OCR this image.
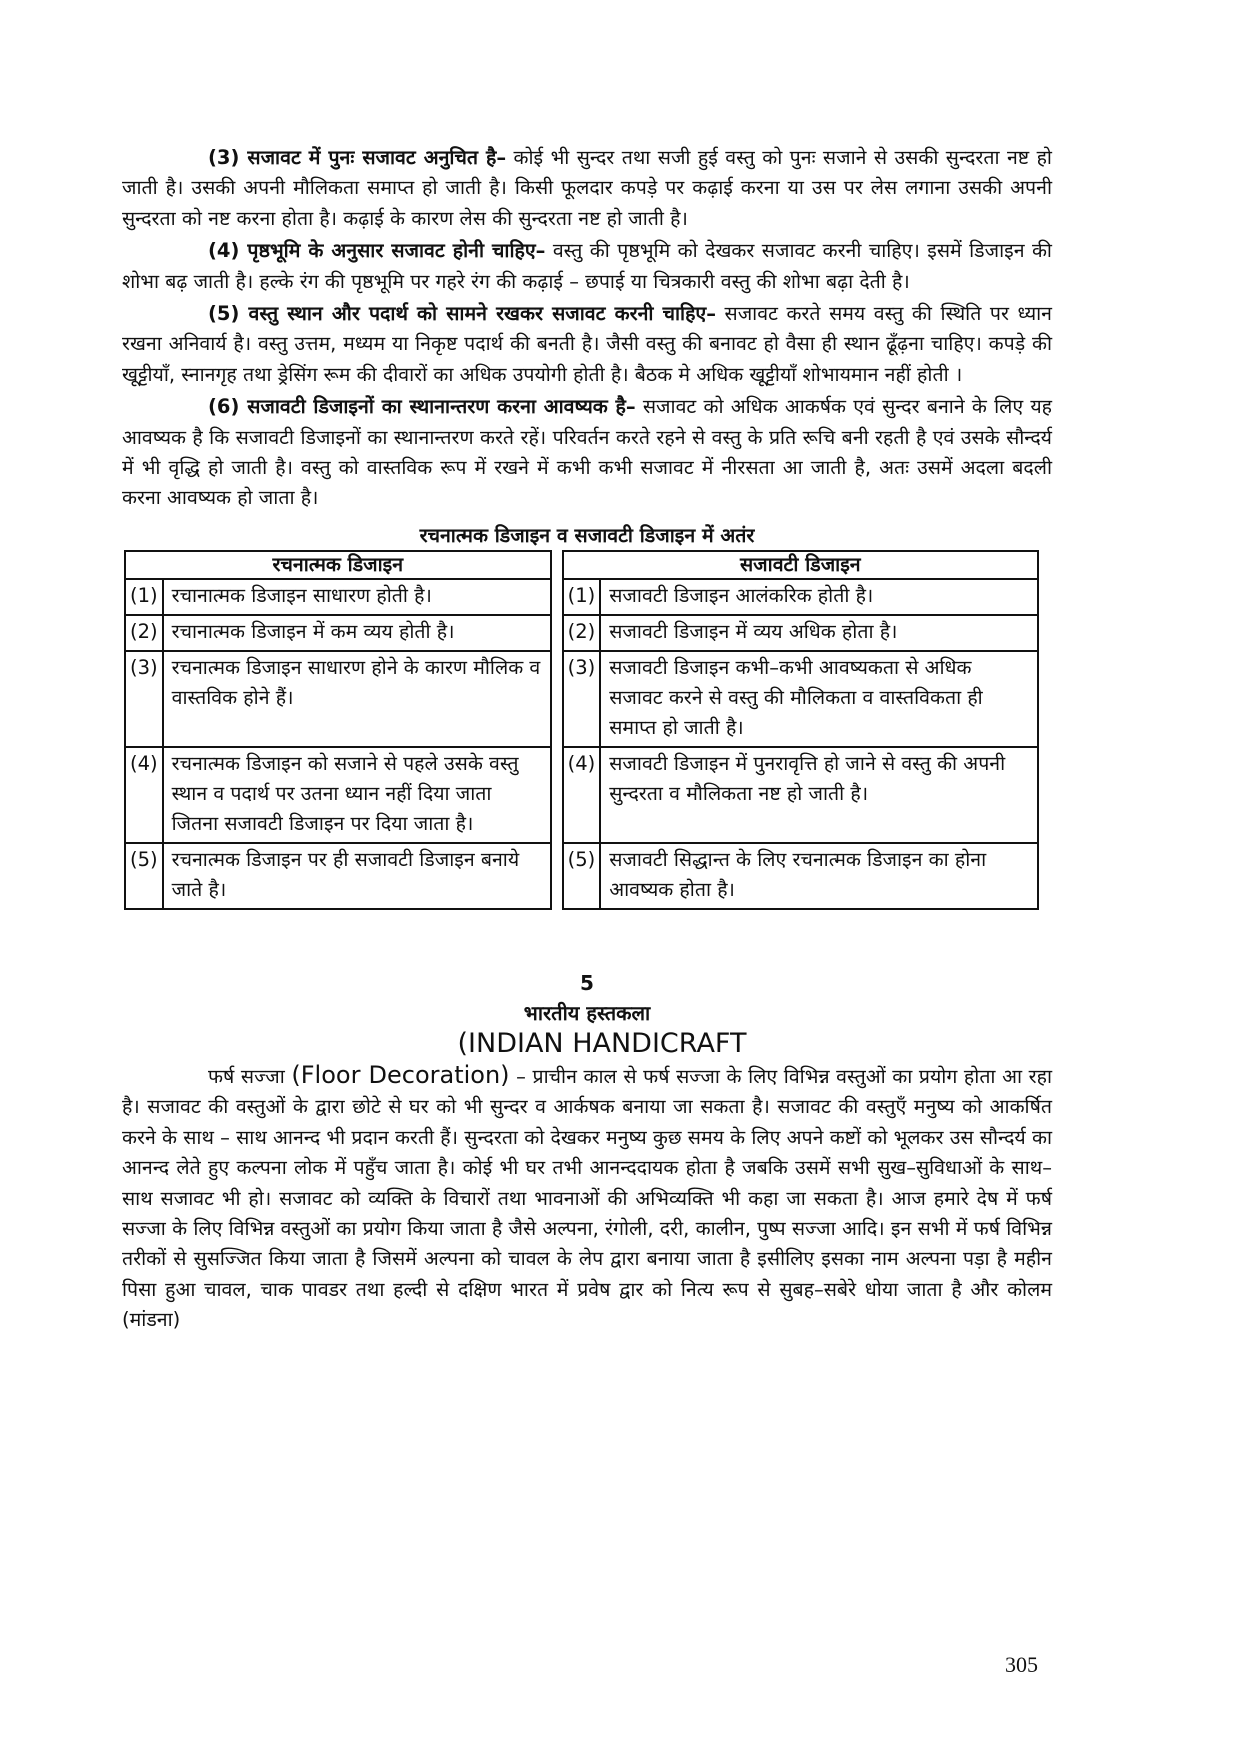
(3) सजावट में पुनः सजावट अनुचित है– कोई भी सुन्दर तथा सजी हुई वस्तु को पुनः सजाने से उसकी सुन्दरता नष्ट हो जाती है। उसकी अपनी मौलिकता समाप्त हो जाती है। किसी फूलदार कपड़े पर कढ़ाई करना या उस पर लेस लगाना उसकी अपनी सुन्दरता को नष्ट करना होता है। कढ़ाई के कारण लेस की सुन्दरता नष्ट हो जाती है।

(4) पृष्ठभूमि के अनुसार सजावट होनी चाहिए– वस्तु की पृष्ठभूमि को देखकर सजावट करनी चाहिए। इसमें डिजाइन की शोभा बढ़ जाती है। हल्के रंग की पृष्ठभूमि पर गहरे रंग की कढ़ाई – छपाई या चित्रकारी वस्तु की शोभा बढ़ा देती है।

(5) वस्तु स्थान और पदार्थ को सामने रखकर सजावट करनी चाहिए– सजावट करते समय वस्तु की स्थिति पर ध्यान रखना अनिवार्य है। वस्तु उत्तम, मध्यम या निकृष्ट पदार्थ की बनती है। जैसी वस्तु की बनावट हो वैसा ही स्थान ढूँढ़ना चाहिए। कपड़े की खूट्टीयाँ, स्नानगृह तथा ड्रेसिंग रूम की दीवारों का अधिक उपयोगी होती है। बैठक मे अधिक खूट्टीयाँ शोभायमान नहीं होती ।

(6) सजावटी डिजाइनों का स्थानान्तरण करना आवष्यक है– सजावट को अधिक आकर्षक एवं सुन्दर बनाने के लिए यह आवष्यक है कि सजावटी डिजाइनों का स्थानान्तरण करते रहें। परिवर्तन करते रहने से वस्तु के प्रति रूचि बनी रहती है एवं उसके सौन्दर्य में भी वृद्धि हो जाती है। वस्तु को वास्तविक रूप में रखने में कभी कभी सजावट में नीरसता आ जाती है, अतः उसमें अदला बदली करना आवष्यक हो जाता है।

रचनात्मक डिजाइन व सजावटी डिजाइन में अतंर
रचनात्मक डिजाइन			सजावटी डिजाइन	
(1)	रचानात्मक डिजाइन साधारण होती है।		(1)	सजावटी डिजाइन आलंकरिक होती है।
(2)	रचानात्मक डिजाइन में कम व्यय होती है।		(2)	सजावटी डिजाइन में व्यय अधिक होता है।
(3)	रचनात्मक डिजाइन साधारण होने के कारण मौलिक व वास्तविक होने हैं।		(3)	सजावटी डिजाइन कभी–कभी आवष्यकता से अधिक सजावट करने से वस्तु की मौलिकता व वास्तविकता ही समाप्त हो जाती है।
(4)	रचनात्मक डिजाइन को सजाने से पहले उसके वस्तु स्थान व पदार्थ पर उतना ध्यान नहीं दिया जाता जितना सजावटी डिजाइन पर दिया जाता है।		(4)	सजावटी डिजाइन में पुनरावृत्ति हो जाने से वस्तु की अपनी सुन्दरता व मौलिकता नष्ट हो जाती है।
(5)	रचनात्मक डिजाइन पर ही सजावटी डिजाइन बनाये जाते है।		(5)	सजावटी सिद्धान्त के लिए रचनात्मक डिजाइन का होना आवष्यक होता है।
5
भारतीय हस्तकला
(INDIAN HANDICRAFT

फर्ष सज्जा (Floor Decoration) – प्राचीन काल से फर्ष सज्जा के लिए विभिन्न वस्तुओं का प्रयोग होता आ रहा है। सजावट की वस्तुओं के द्वारा छोटे से घर को भी सुन्दर व आर्कषक बनाया जा सकता है। सजावट की वस्तुएँ मनुष्य को आकर्षित करने के साथ – साथ आनन्द भी प्रदान करती हैं। सुन्दरता को देखकर मनुष्य कुछ समय के लिए अपने कष्टों को भूलकर उस सौन्दर्य का आनन्द लेते हुए कल्पना लोक में पहुँच जाता है। कोई भी घर तभी आनन्ददायक होता है जबकि उसमें सभी सुख–सुविधाओं के साथ– साथ सजावट भी हो। सजावट को व्यक्ति के विचारों तथा भावनाओं की अभिव्यक्ति भी कहा जा सकता है। आज हमारे देष में फर्ष सज्जा के लिए विभिन्न वस्तुओं का प्रयोग किया जाता है जैसे अल्पना, रंगोली, दरी, कालीन, पुष्प सज्जा आदि। इन सभी में फर्ष विभिन्न तरीकों से सुसज्जित किया जाता है जिसमें अल्पना को चावल के लेप द्वारा बनाया जाता है इसीलिए इसका नाम अल्पना पड़ा है महीन पिसा हुआ चावल, चाक पावडर तथा हल्दी से दक्षिण भारत में प्रवेष द्वार को नित्य रूप से सुबह–सबेरे धोया जाता है और कोलम (मांडना)

305
